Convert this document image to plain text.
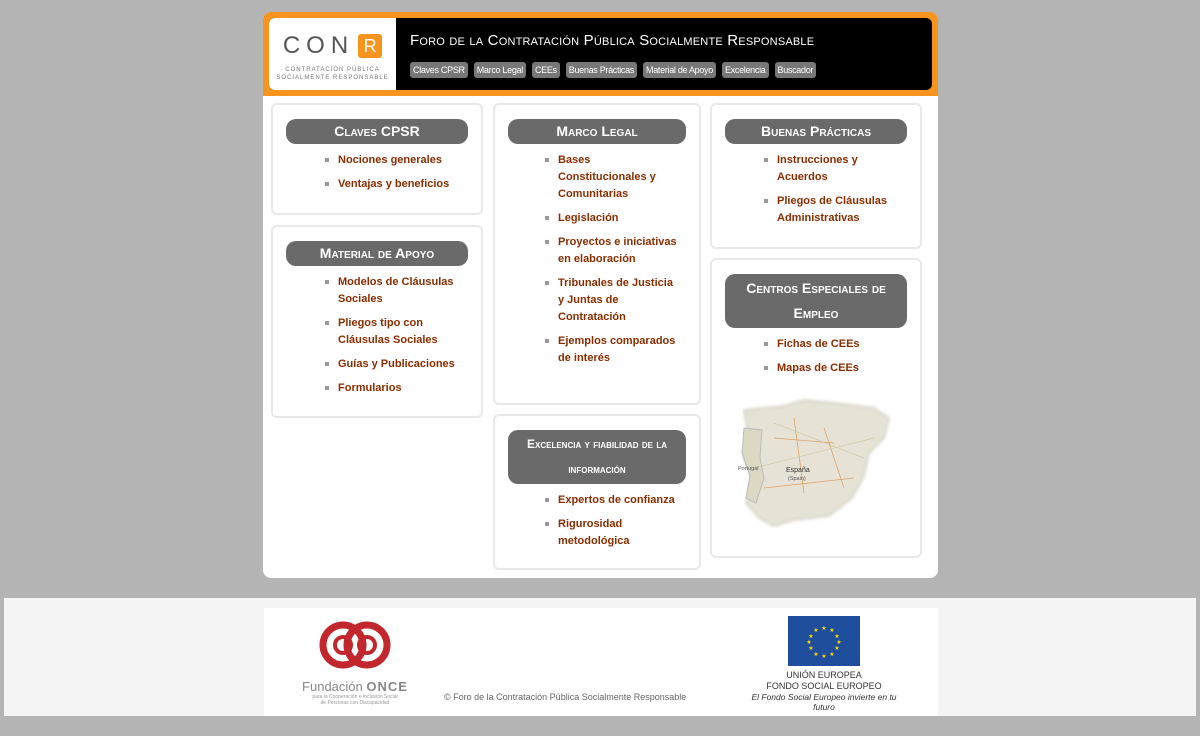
CON R
CONTRATACIÓN PÚBLICA
SOCIALMENTE RESPONSABLE
Foro de la Contratación Pública Socialmente Responsable
Claves CPSR	Marco Legal	CEEs	Buenas Prácticas	Material de Apoyo	Excelencia	Buscador
Claves CPSR
Nociones generales
Ventajas y beneficios
Material de Apoyo
Modelos de Cláusulas Sociales
Pliegos tipo con Cláusulas Sociales
Guías y Publicaciones
Formularios
Marco Legal
Bases Constitucionales y Comunitarias
Legislación
Proyectos e iniciativas en elaboración
Tribunales de Justicia y Juntas de Contratación
Ejemplos comparados de interés
Excelencia y fiabilidad de la información
Expertos de confianza
Rigurosidad metodológica
Buenas Prácticas
Instrucciones y Acuerdos
Pliegos de Cláusulas Administrativas
Centros Especiales de Empleo
Fichas de CEEs
Mapas de CEEs
España
(Spain)
Portugal
Fundación ONCE
para la Cooperación e Inclusión Social
de Personas con Discapacidad
© Foro de la Contratación Pública Socialmente Responsable
★ ★
★
★
★
★
★
★
★
★
★
★
UNIÓN EUROPEA
FONDO SOCIAL EUROPEO
El Fondo Social Europeo invierte en tu futuro
